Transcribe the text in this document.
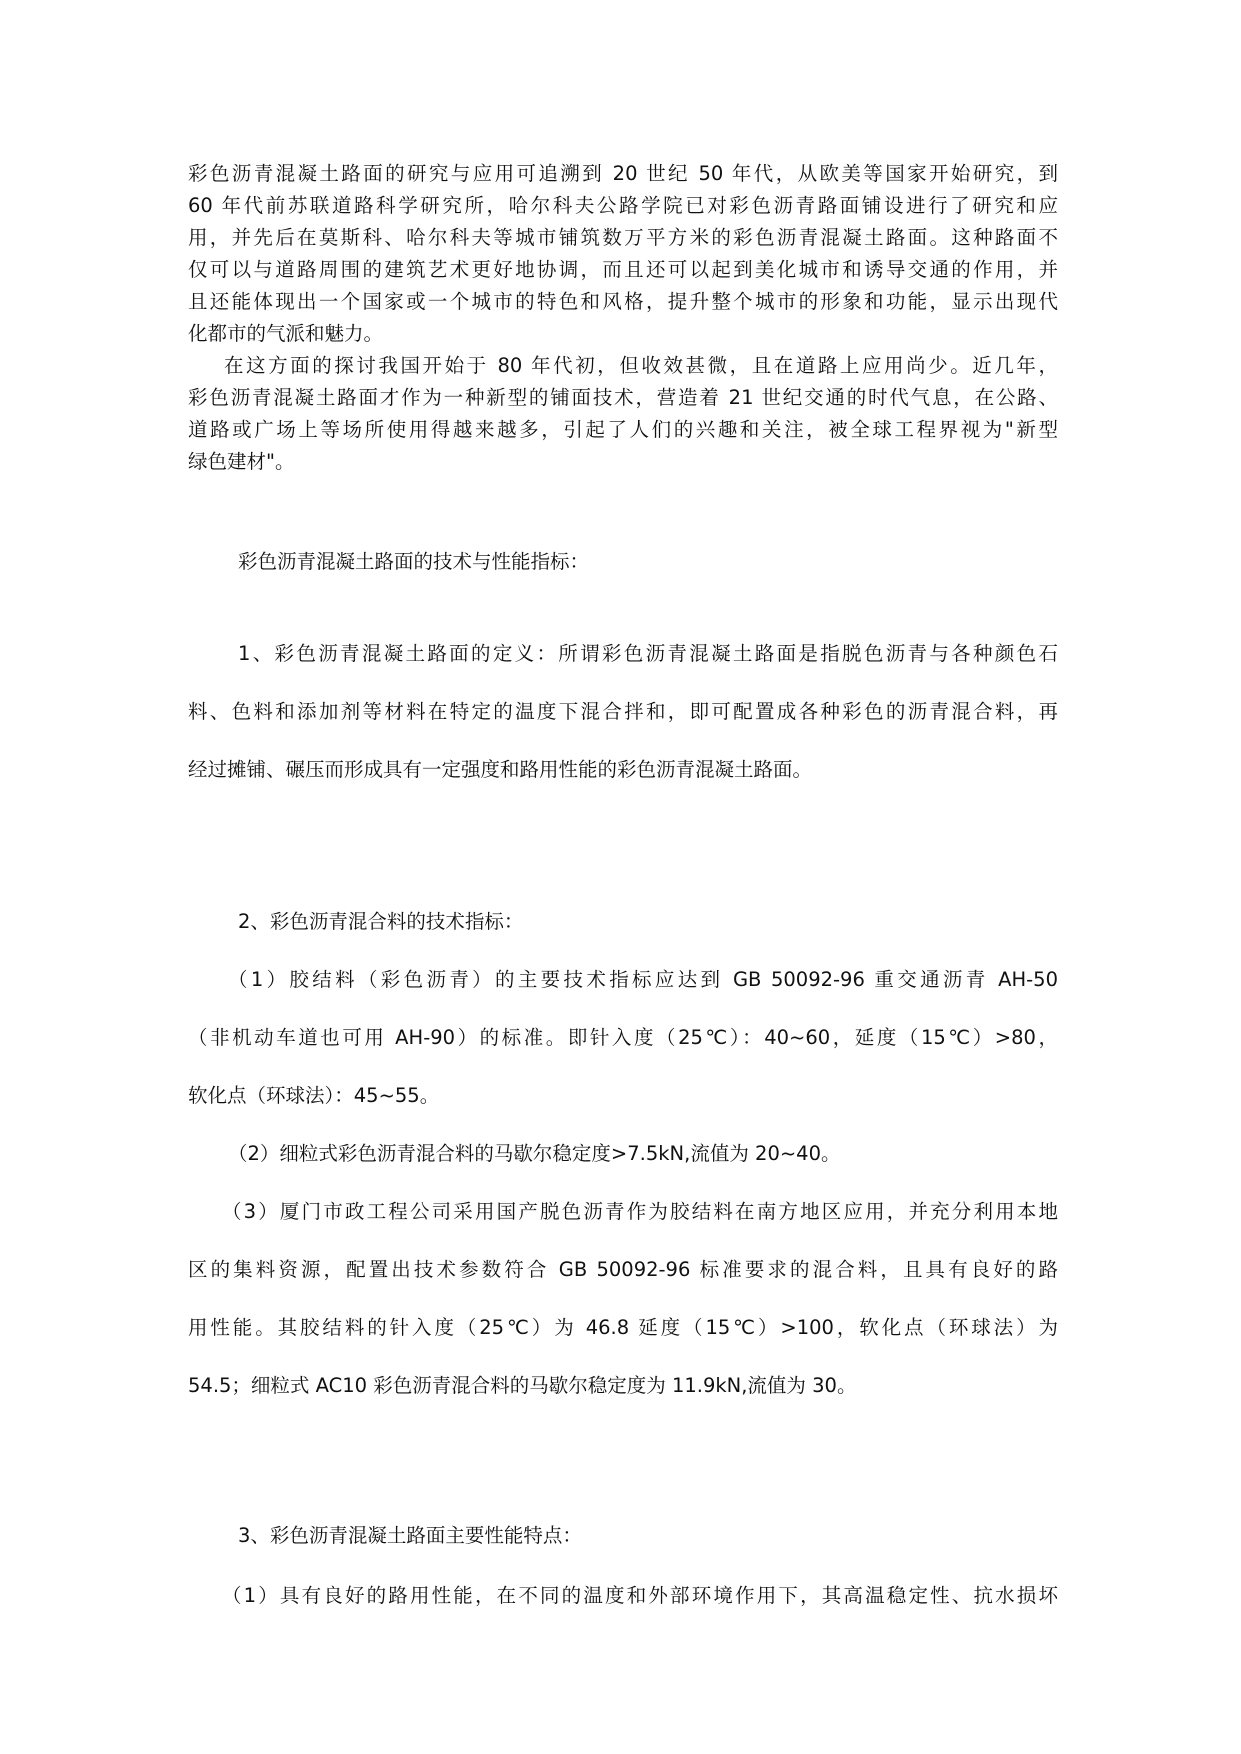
彩色沥青混凝土路面的研究与应用可追溯到 20 世纪 50 年代，从欧美等国家开始研究，到
60 年代前苏联道路科学研究所，哈尔科夫公路学院已对彩色沥青路面铺设进行了研究和应
用，并先后在莫斯科、哈尔科夫等城市铺筑数万平方米的彩色沥青混凝土路面。这种路面不
仅可以与道路周围的建筑艺术更好地协调，而且还可以起到美化城市和诱导交通的作用，并
且还能体现出一个国家或一个城市的特色和风格，提升整个城市的形象和功能，显示出现代
化都市的气派和魅力。
在这方面的探讨我国开始于 80 年代初，但收效甚微，且在道路上应用尚少。近几年，
彩色沥青混凝土路面才作为一种新型的铺面技术，营造着 21 世纪交通的时代气息，在公路、
道路或广场上等场所使用得越来越多，引起了人们的兴趣和关注，被全球工程界视为"新型
绿色建材"。
彩色沥青混凝土路面的技术与性能指标：
1、彩色沥青混凝土路面的定义：所谓彩色沥青混凝土路面是指脱色沥青与各种颜色石
料、色料和添加剂等材料在特定的温度下混合拌和，即可配置成各种彩色的沥青混合料，再
经过摊铺、碾压而形成具有一定强度和路用性能的彩色沥青混凝土路面。
2、彩色沥青混合料的技术指标：
（1）胶结料（彩色沥青）的主要技术指标应达到 GB 50092-96 重交通沥青 AH-50
（非机动车道也可用 AH-90）的标准。即针入度（25℃）：40~60，延度（15℃）>80，
软化点（环球法）：45~55。
（2）细粒式彩色沥青混合料的马歇尔稳定度>7.5kN,流值为 20~40。
（3）厦门市政工程公司采用国产脱色沥青作为胶结料在南方地区应用，并充分利用本地
区的集料资源，配置出技术参数符合 GB 50092-96 标准要求的混合料，且具有良好的路
用性能。其胶结料的针入度（25℃）为 46.8 延度（15℃）>100，软化点（环球法）为
54.5；细粒式 AC10 彩色沥青混合料的马歇尔稳定度为 11.9kN,流值为 30。
3、彩色沥青混凝土路面主要性能特点：
（1）具有良好的路用性能，在不同的温度和外部环境作用下，其高温稳定性、抗水损坏
